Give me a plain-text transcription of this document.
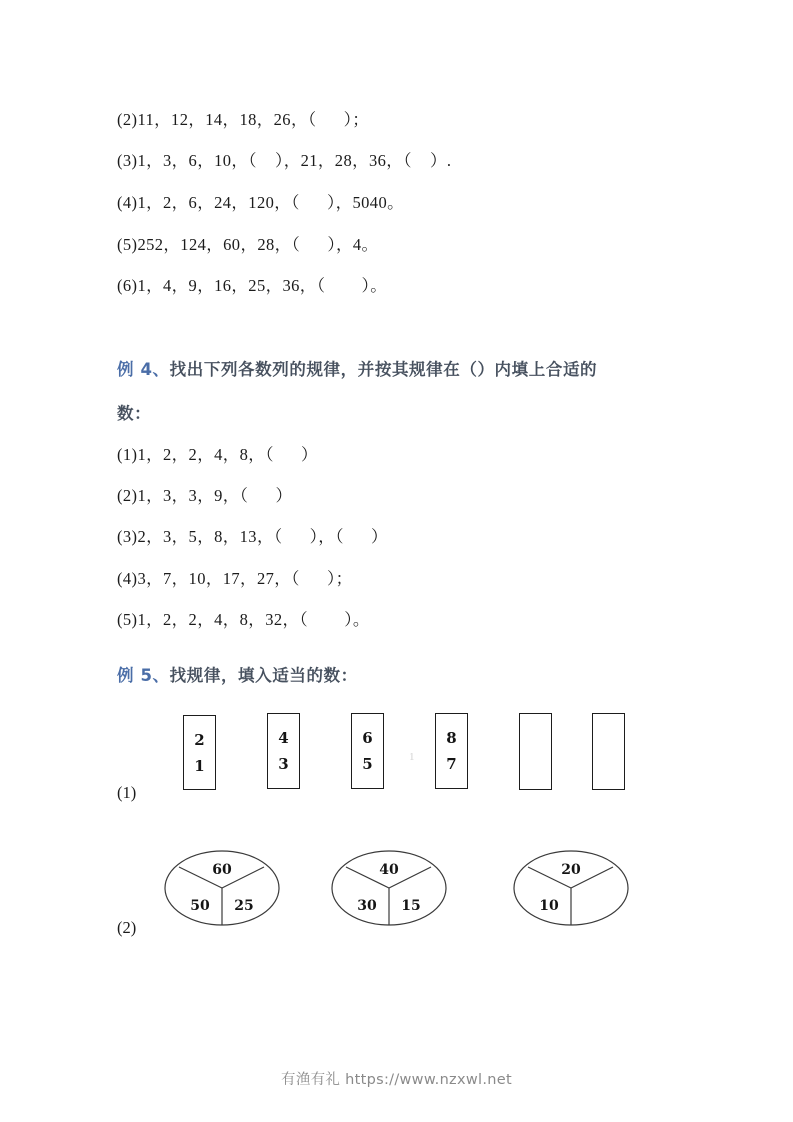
(2)11，12，14，18，26，（      ）；
(3)1，3，6，10，（    ），21，28，36，（    ）.
(4)1，2，6，24，120，（      ），5040。
(5)252，124，60，28，（      ），4。
(6)1，4，9，16，25，36，（        ）。
例 4、找出下列各数列的规律，并按其规律在（）内填上合适的
数：
(1)1，2，2，4，8，（      ）
(2)1，3，3，9，（      ）
(3)2，3，5，8，13，（      ），（      ）
(4)3，7，10，17，27，（      ）；
(5)1，2，2，4，8，32，（        ）。
例 5、找规律，填入适当的数：
(1)
2
1
4
3
6
5
8
7
1
(2)
60
50 25
40
30 15
20
10
有渔有礼 https://www.nzxwl.net
